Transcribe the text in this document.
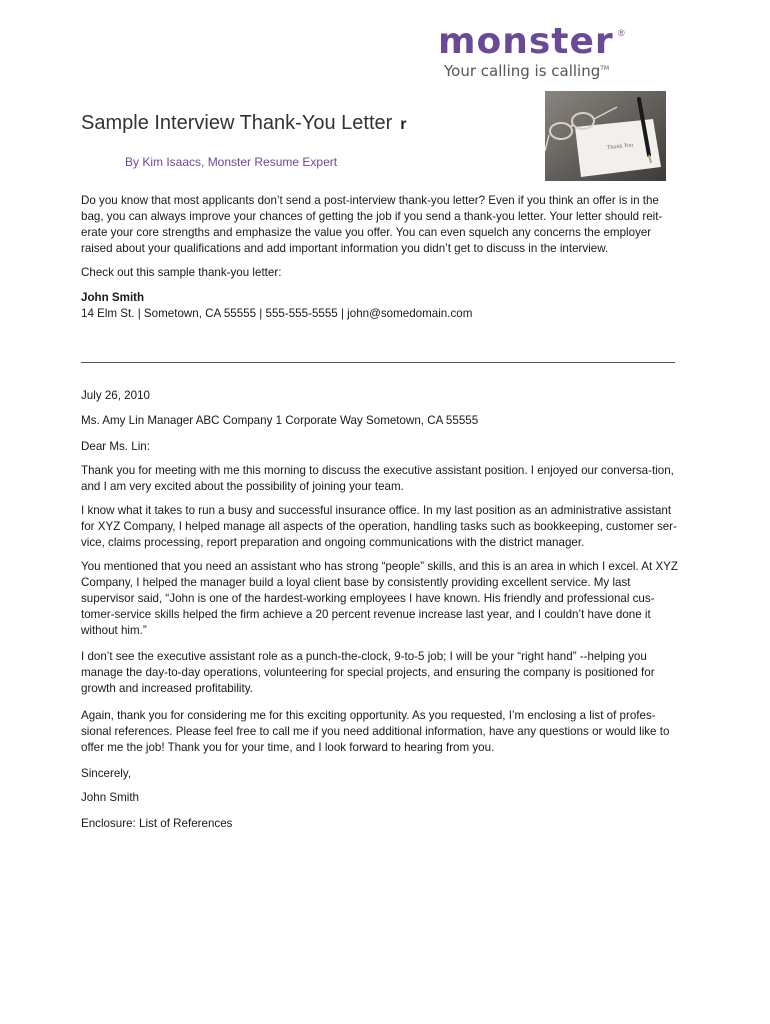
monster ®
Your calling is calling™
Thank You
Sample Interview Thank-You Letter r
By Kim Isaacs, Monster Resume Expert

Do you know that most applicants don’t send a post-interview thank-you letter? Even if you think an offer is in the bag, you can always improve your chances of getting the job if you send a thank-you letter. Your letter should reit-erate your core strengths and emphasize the value you offer. You can even squelch any concerns the employer raised about your qualifications and add important information you didn’t get to discuss in the interview.

Check out this sample thank-you letter:

John Smith

14 Elm St. | Sometown, CA 55555 | 555-555-5555 | john@somedomain.com

July 26, 2010

Ms. Amy Lin Manager ABC Company 1 Corporate Way Sometown, CA 55555

Dear Ms. Lin:

Thank you for meeting with me this morning to discuss the executive assistant position. I enjoyed our conversa-tion, and I am very excited about the possibility of joining your team.

I know what it takes to run a busy and successful insurance office. In my last position as an administrative assistant for XYZ Company, I helped manage all aspects of the operation, handling tasks such as bookkeeping, customer ser-vice, claims processing, report preparation and ongoing communications with the district manager.

You mentioned that you need an assistant who has strong “people” skills, and this is an area in which I excel. At XYZ Company, I helped the manager build a loyal client base by consistently providing excellent service. My last supervisor said, “John is one of the hardest-working employees I have known. His friendly and professional cus-tomer-service skills helped the firm achieve a 20 percent revenue increase last year, and I couldn’t have done it without him.”

I don’t see the executive assistant role as a punch-the-clock, 9-to-5 job; I will be your “right hand” --helping you manage the day-to-day operations, volunteering for special projects, and ensuring the company is positioned for growth and increased profitability.

Again, thank you for considering me for this exciting opportunity. As you requested, I’m enclosing a list of profes-sional references. Please feel free to call me if you need additional information, have any questions or would like to offer me the job! Thank you for your time, and I look forward to hearing from you.

Sincerely,

John Smith

Enclosure: List of References
